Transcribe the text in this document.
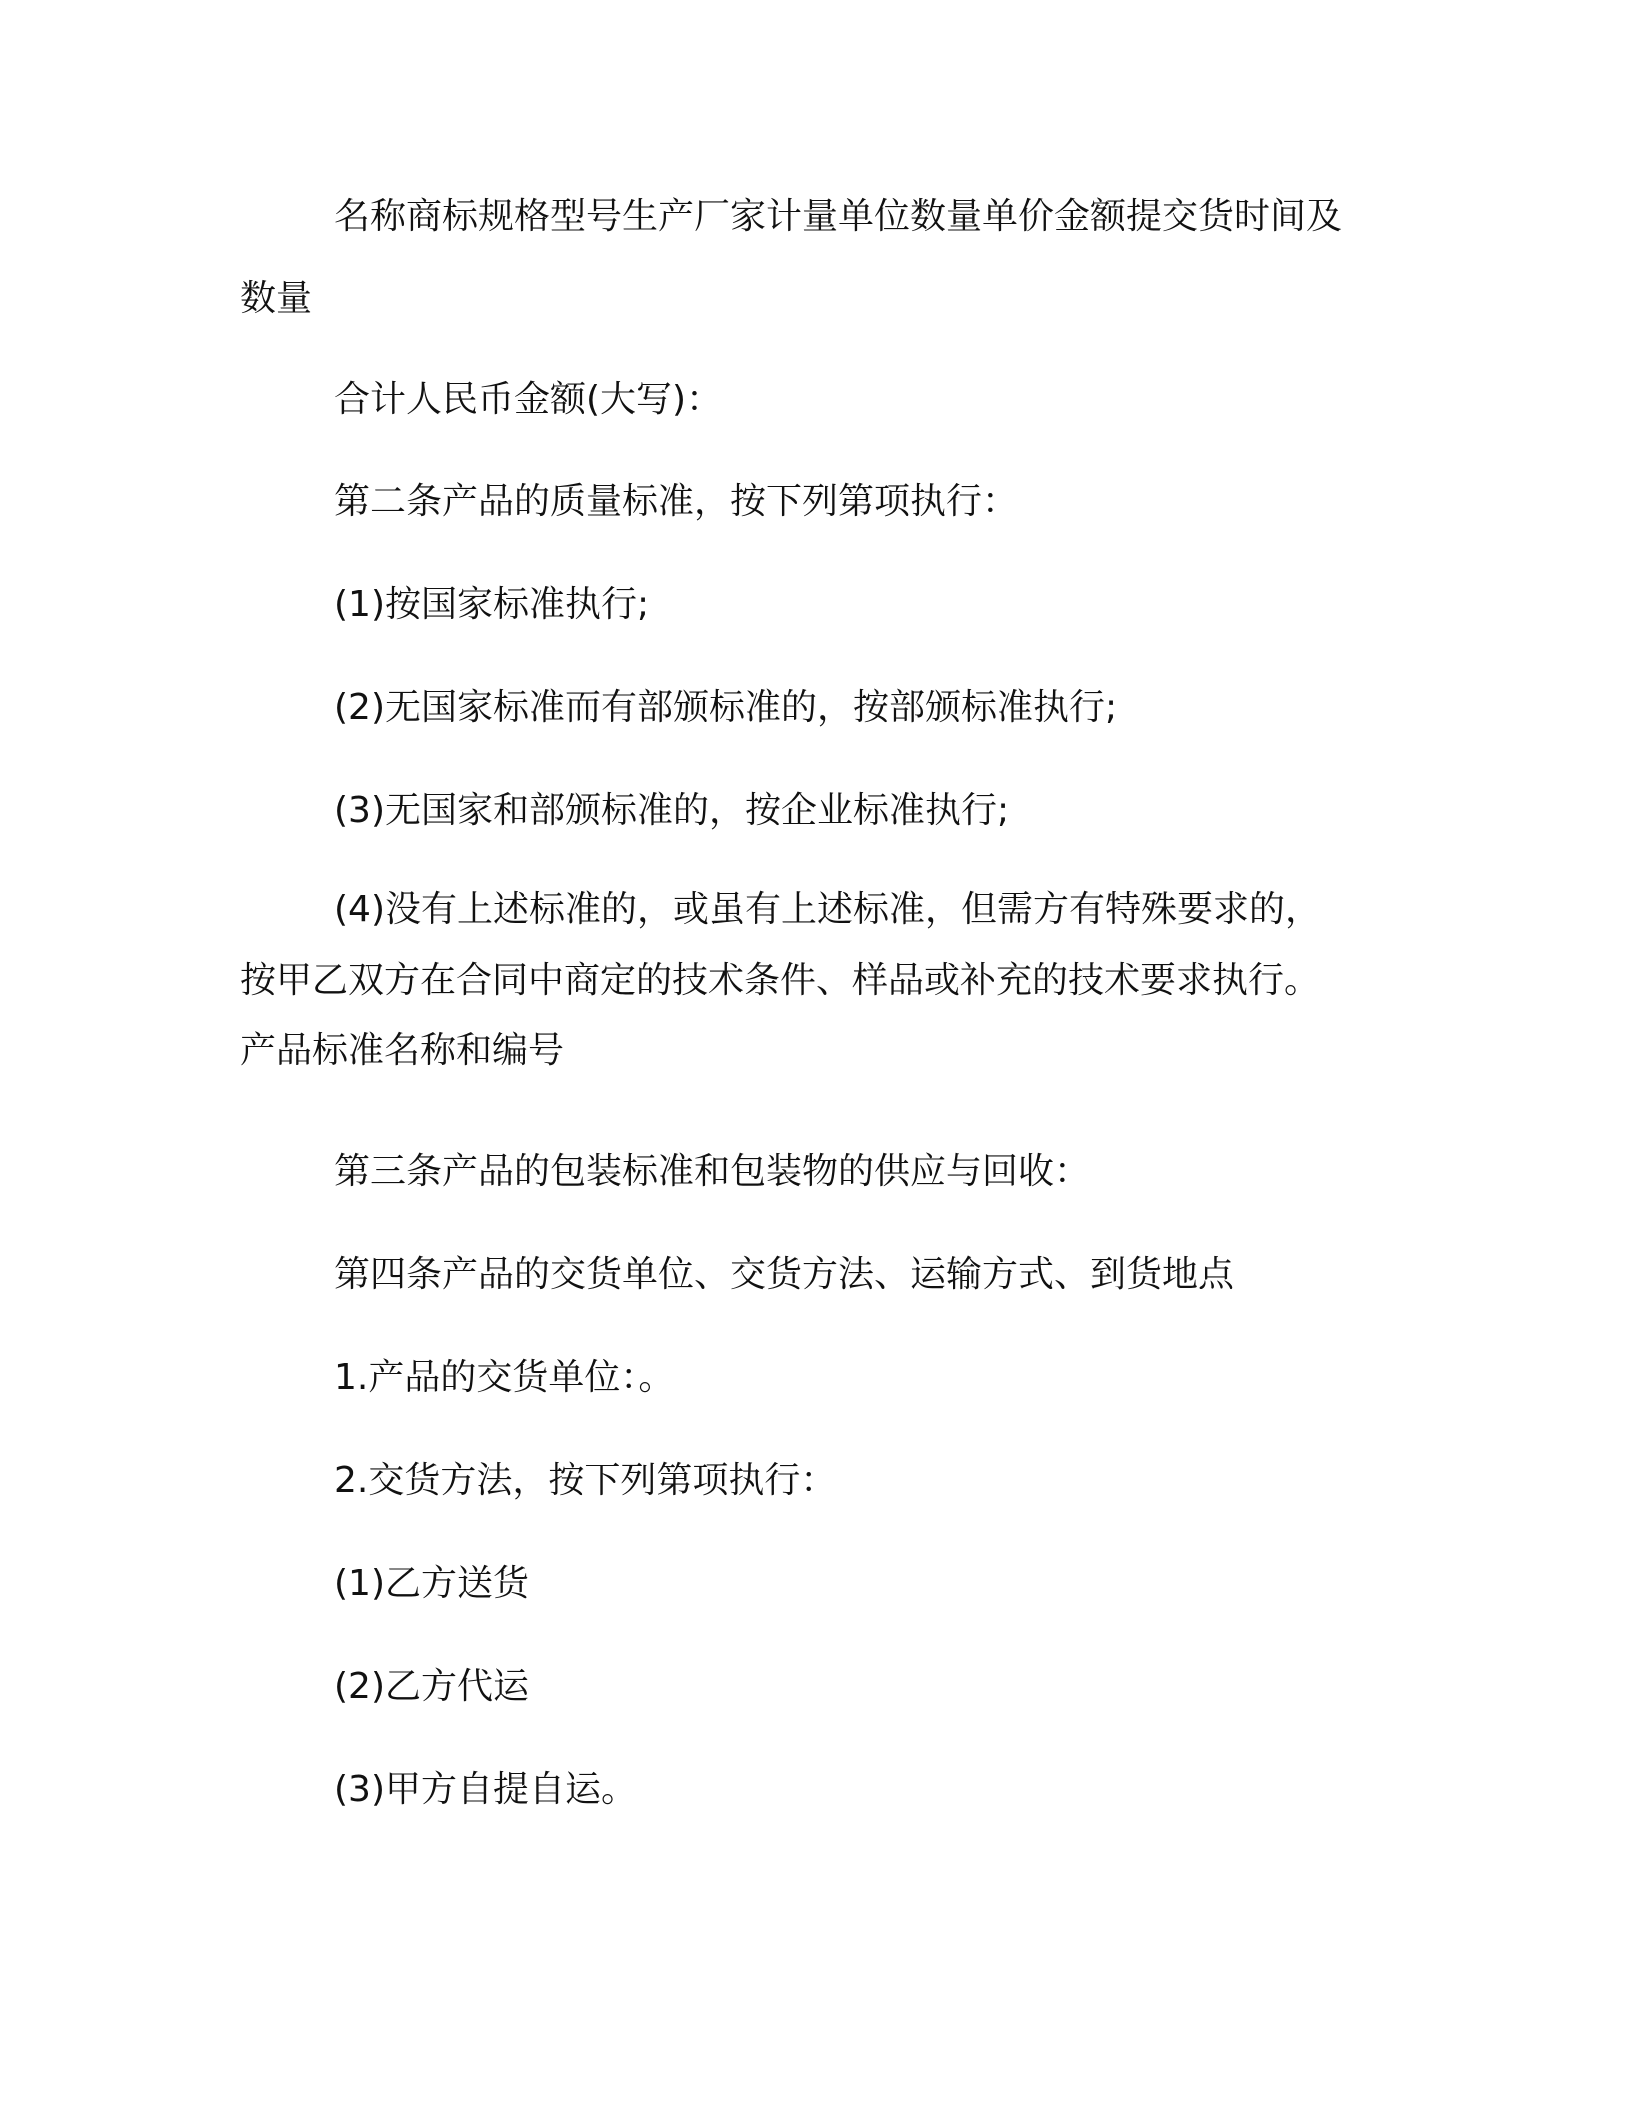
名称商标规格型号生产厂家计量单位数量单价金额提交货时间及
数量
合计人民币金额(大写)：
第二条产品的质量标准，按下列第项执行：
(1)按国家标准执行;
(2)无国家标准而有部颁标准的，按部颁标准执行;
(3)无国家和部颁标准的，按企业标准执行;
(4)没有上述标准的，或虽有上述标准，但需方有特殊要求的，
按甲乙双方在合同中商定的技术条件、样品或补充的技术要求执行。
产品标准名称和编号
第三条产品的包装标准和包装物的供应与回收：
第四条产品的交货单位、交货方法、运输方式、到货地点
1.产品的交货单位：。
2.交货方法，按下列第项执行：
(1)乙方送货
(2)乙方代运
(3)甲方自提自运。
